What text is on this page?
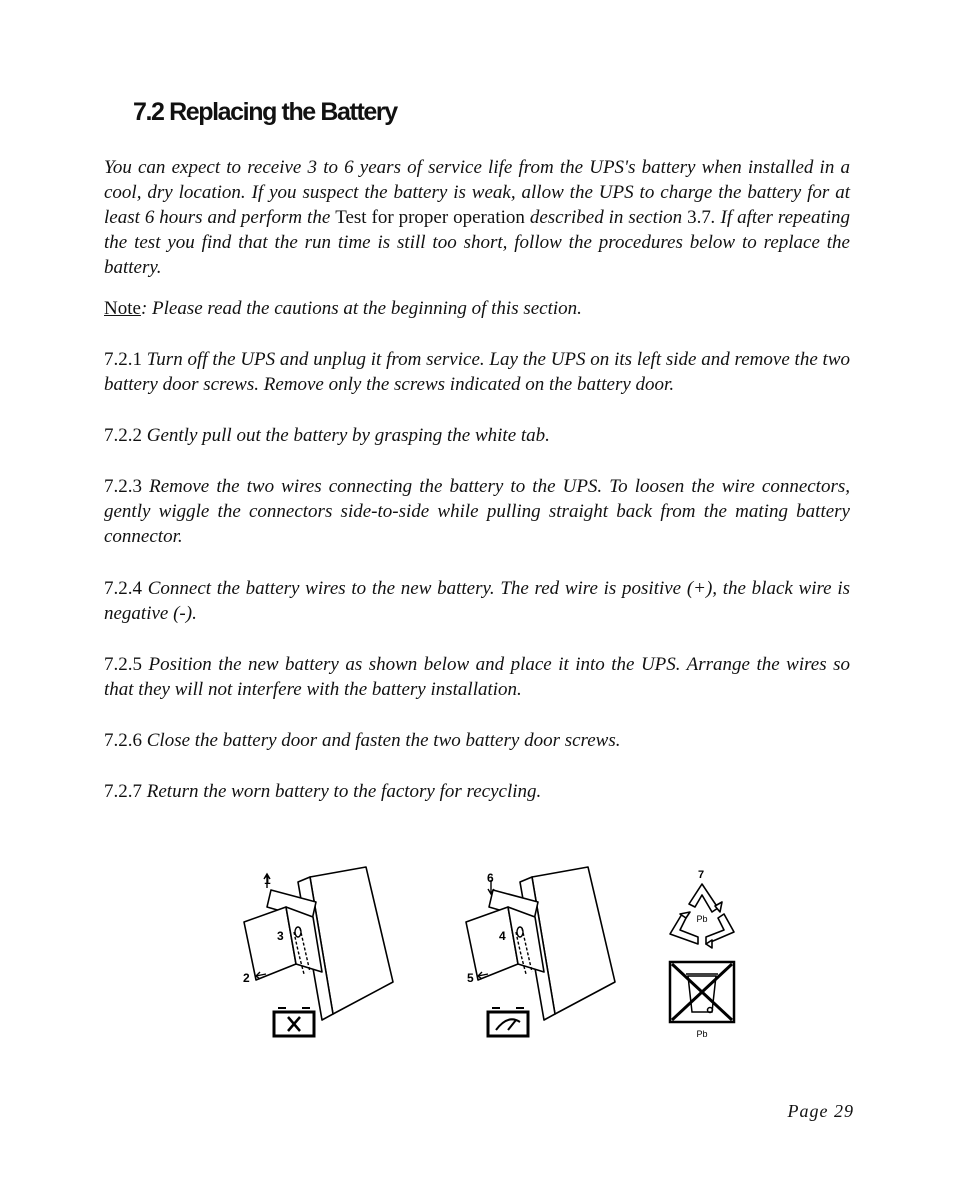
7.2 Replacing the Battery

You can expect to receive 3 to 6 years of service life from the UPS's battery when installed in a cool, dry location. If you suspect the battery is weak, allow the UPS to charge the battery for at least 6 hours and perform the Test for proper operation described in section 3.7. If after repeating the test you find that the run time is still too short, follow the procedures below to replace the battery.

Note: Please read the cautions at the beginning of this section.

7.2.1 Turn off the UPS and unplug it from service. Lay the UPS on its left side and remove the two battery door screws. Remove only the screws indicated on the battery door.

7.2.2 Gently pull out the battery by grasping the white tab.

7.2.3 Remove the two wires connecting the battery to the UPS. To loosen the wire connectors, gently wiggle the connectors side-to-side while pulling straight back from the mating battery connector.

7.2.4 Connect the battery wires to the new battery. The red wire is positive (+), the black wire is negative (-).

7.2.5 Position the new battery as shown below and place it into the UPS. Arrange the wires so that they will not interfere with the battery installation.

7.2.6 Close the battery door and fasten the two battery door screws.

7.2.7 Return the worn battery to the factory for recycling.

1
3
2
6
4
5
7
Pb
Pb
Page 29
